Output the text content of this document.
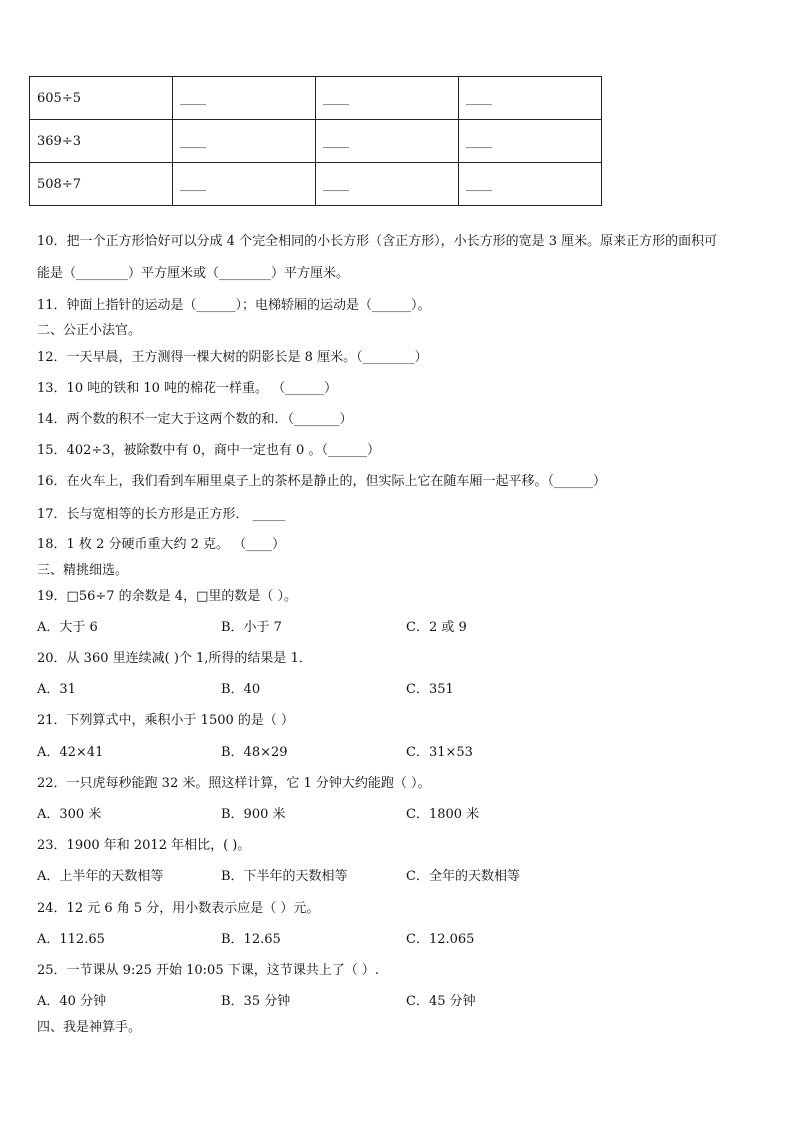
605÷5	____	____	____
369÷3	____	____	____
508÷7	____	____	____
10．把一个正方形恰好可以分成 4 个完全相同的小长方形（含正方形），小长方形的宽是 3 厘米。原来正方形的面积可
能是（________）平方厘米或（________）平方厘米。
11．钟面上指针的运动是（______）；电梯轿厢的运动是（______）。
二、公正小法官。
12．一天早晨，王方测得一棵大树的阴影长是 8 厘米。（________）
13．10 吨的铁和 10 吨的棉花一样重。 （______）
14．两个数的积不一定大于这两个数的和．（_______）
15．402÷3，被除数中有 0，商中一定也有 0 。（______）
16．在火车上，我们看到车厢里桌子上的茶杯是静止的，但实际上它在随车厢一起平移。（______）
17．长与宽相等的长方形是正方形． _____
18．1 枚 2 分硬币重大约 2 克。 （____）
三、精挑细选。
19．□56÷7 的余数是 4，□里的数是（ ）。
A．大于 6	B．小于 7	C．2 或 9
20．从 360 里连续减( )个 1,所得的结果是 1．
A．31	B．40	C．351
21．下列算式中，乘积小于 1500 的是（ ）
A．42×41	B．48×29	C．31×53
22．一只虎每秒能跑 32 米。照这样计算，它 1 分钟大约能跑（ ）。
A．300 米	B．900 米	C．1800 米
23．1900 年和 2012 年相比，( )。
A．上半年的天数相等	B．下半年的天数相等	C．全年的天数相等
24．12 元 6 角 5 分，用小数表示应是（ ）元。
A．112.65	B．12.65	C．12.065
25．一节课从 9:25 开始 10:05 下课，这节课共上了（ ）.
A．40 分钟	B．35 分钟	C．45 分钟
四、我是神算手。
